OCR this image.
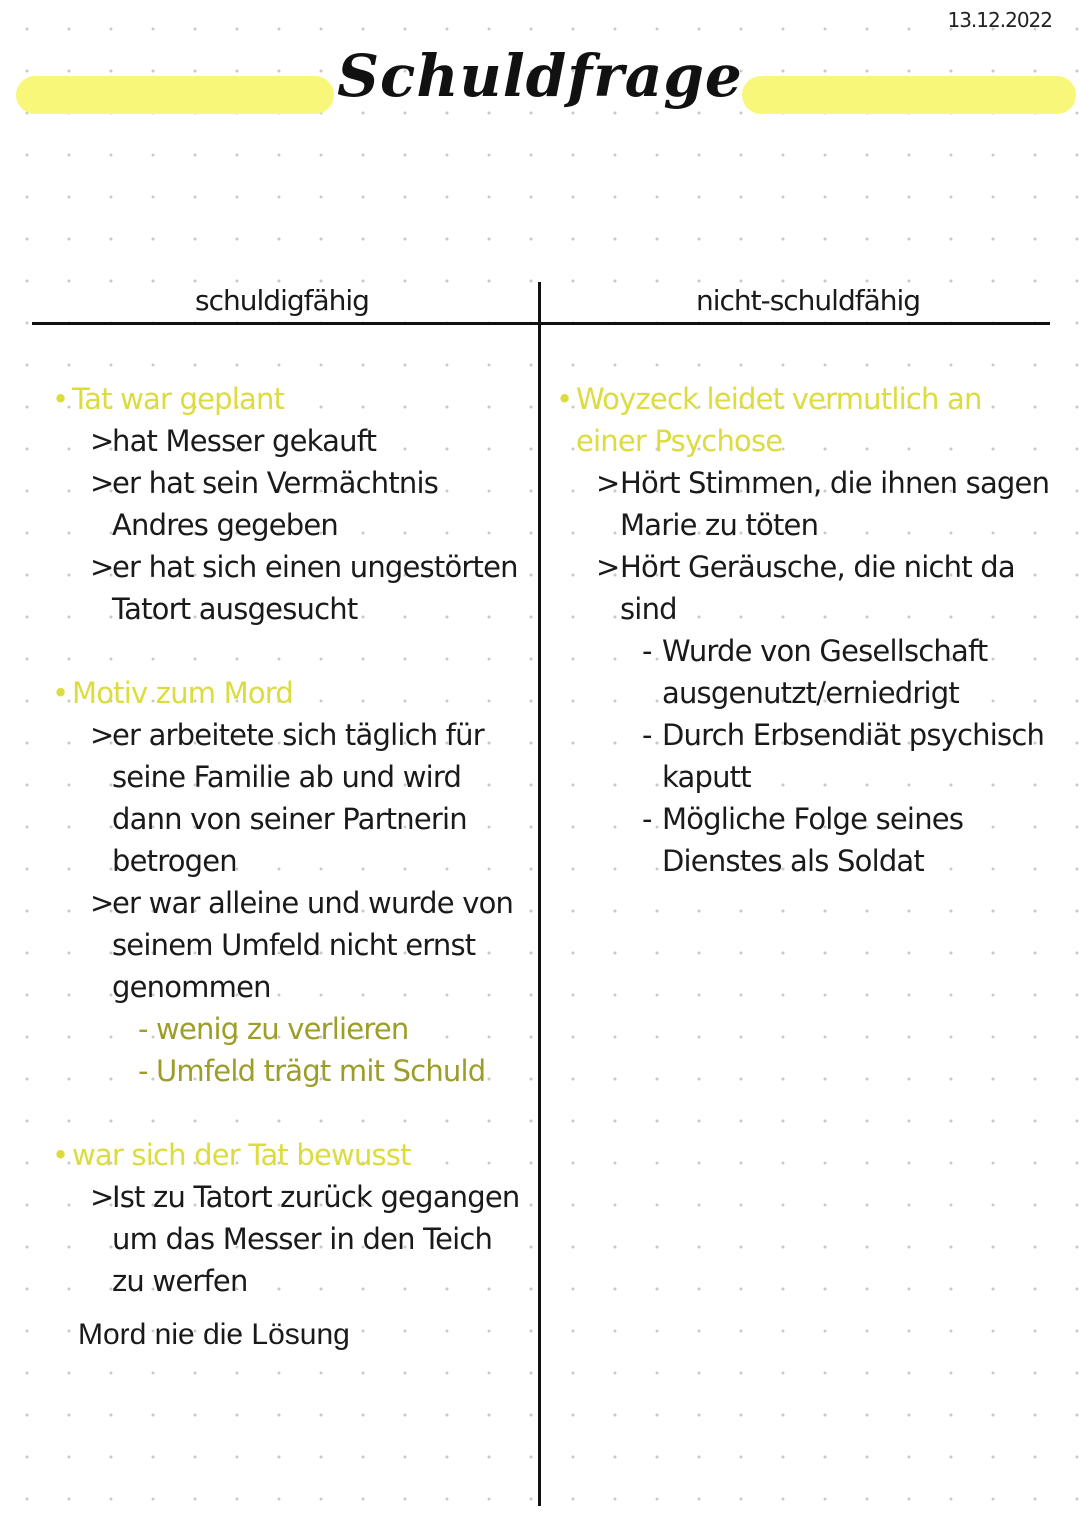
13.12.2022
Schuldfrage
schuldigfähig	nicht-schuldfähig
• Tat war geplant
>
hat Messer gekauft
>
er hat sein Vermächtnis Andres gegeben
>
er hat sich einen ungestörten Tatort ausgesucht
• Motiv zum Mord
>
er arbeitete sich täglich für seine Familie ab und wird dann von seiner Partnerin betrogen
>
er war alleine und wurde von seinem Umfeld nicht ernst genommen
- wenig zu verlieren
- Umfeld trägt mit Schuld
• war sich der Tat bewusst
>
Ist zu Tatort zurück gegangen um das Messer in den Teich zu werfen
Mord nie die Lösung
• Woyzeck leidet vermutlich an einer Psychose
> Hört Stimmen, die ihnen sagen Marie zu töten
> Hört Geräusche, die nicht da sind
- Wurde von Gesellschaft ausgenutzt/erniedrigt
- Durch Erbsendiät psychisch kaputt
- Mögliche Folge seines Dienstes als Soldat
